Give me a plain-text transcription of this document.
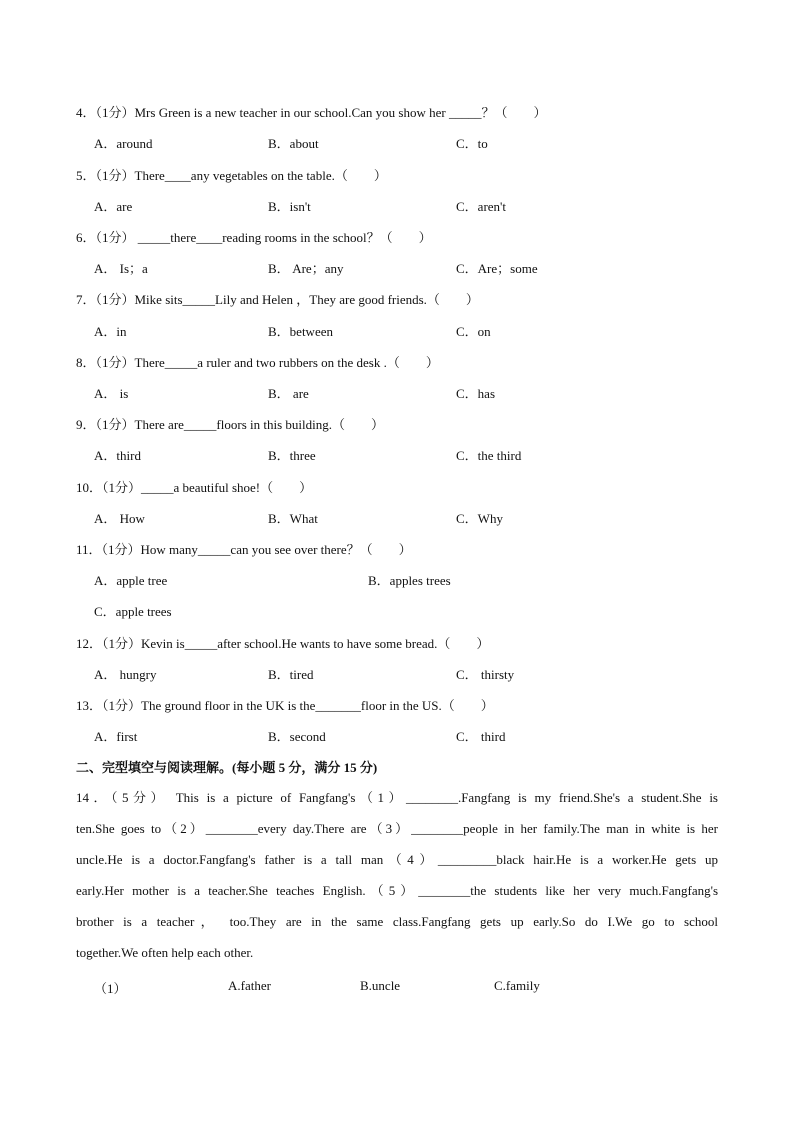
4．（1分）Mrs Green is a new teacher in our school.Can you show her _____？（　　）
A．around	B．about	C．to
5．（1分）There____any vegetables on the table.（　　）
A．are	B．isn't	C．aren't
6．（1分） _____there____reading rooms in the school？（　　）
A． Is；a	B． Are；any	C．Are；some
7．（1分）Mike sits_____Lily and Helen ，They are good friends.（　　）
A．in	B．between	C．on
8．（1分）There_____a ruler and two rubbers on the desk .（　　）
A． is	B． are	C．has
9．（1分）There are_____floors in this building.（　　）
A．third	B．three	C．the third
10．（1分）_____a beautiful shoe!（　　）
A． How	B．What	C．Why
11．（1分）How many_____can you see over there？（　　）
A．apple tree	B．apples trees
C．apple trees
12．（1分）Kevin is_____after school.He wants to have some bread.（　　）
A． hungry	B．tired	C． thirsty
13．（1分）The ground floor in the UK is the_______floor in the US.（　　）
A．first	B．second	C． third
二、完型填空与阅读理解。(每小题 5 分，满分 15 分)
14．（5分） This is a picture of Fangfang's（1）________.Fangfang is my friend.She's a student.She is
ten.She goes to（2）________every day.There are（3）________people in her family.The man in white is her
uncle.He is a doctor.Fangfang's father is a tall man（4）_________black hair.He is a worker.He gets up
early.Her mother is a teacher.She teaches English.（5）________the students like her very much.Fangfang's
brother is a teacher， too.They are in the same class.Fangfang gets up early.So do I.We go to school
together.We often help each other.
（1）	A.father	B.uncle	C.family
